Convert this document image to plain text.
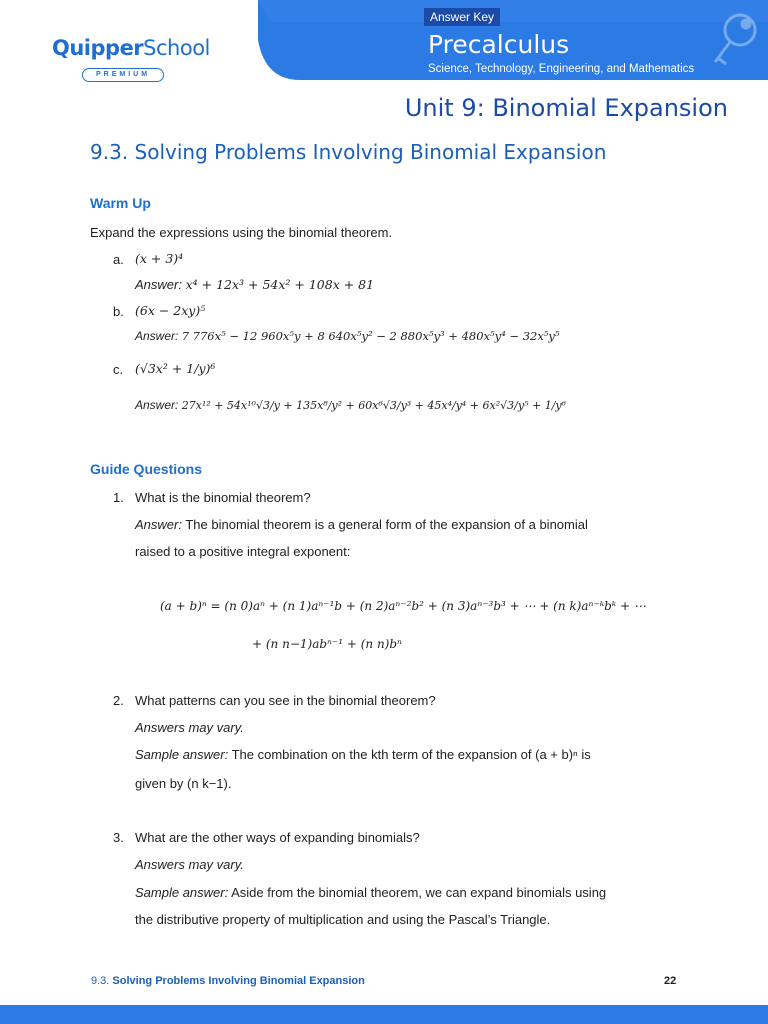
QuipperSchool
PREMIUM
Answer Key
Precalculus
Science, Technology, Engineering, and Mathematics
Unit 9: Binomial Expansion
9.3. Solving Problems Involving Binomial Expansion
Warm Up
Expand the expressions using the binomial theorem.
a. (x + 3)⁴
Answer: x⁴ + 12x³ + 54x² + 108x + 81
b. (6x − 2xy)⁵
Answer: 7 776x⁵ − 12 960x⁵y + 8 640x⁵y² − 2 880x⁵y³ + 480x⁵y⁴ − 32x⁵y⁵
c. (√3x² + 1/y)⁶
Answer: 27x¹² + 54x¹⁰√3/y + 135x⁸/y² + 60x⁶√3/y³ + 45x⁴/y⁴ + 6x²√3/y⁵ + 1/y⁶
Guide Questions
1. What is the binomial theorem?
Answer: The binomial theorem is a general form of the expansion of a binomial
raised to a positive integral exponent:
(a + b)ⁿ = (n 0)aⁿ + (n 1)aⁿ⁻¹b + (n 2)aⁿ⁻²b² + (n 3)aⁿ⁻³b³ + ⋯ + (n k)aⁿ⁻ᵏbᵏ + ⋯
+ (n n−1)abⁿ⁻¹ + (n n)bⁿ
2. What patterns can you see in the binomial theorem?
Answers may vary.
Sample answer: The combination on the kth term of the expansion of (a + b)ⁿ is
given by (n k−1).
3. What are the other ways of expanding binomials?
Answers may vary.
Sample answer: Aside from the binomial theorem, we can expand binomials using
the distributive property of multiplication and using the Pascal’s Triangle.
9.3. Solving Problems Involving Binomial Expansion	22
